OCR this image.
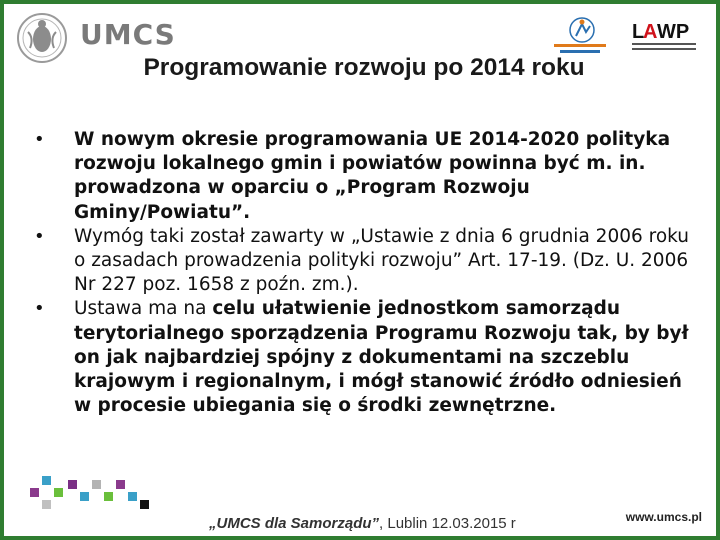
UMCS	L
A WP
Programowanie rozwoju po 2014 roku
•	W nowym okresie programowania UE 2014-2020 polityka rozwoju lokalnego gmin i powiatów powinna być m. in. prowadzona w oparciu o „Program Rozwoju Gminy/Powiatu”.
•	Wymóg taki został zawarty w „Ustawie z dnia 6 grudnia 2006 roku o zasadach prowadzenia polityki rozwoju” Art. 17-19. (Dz. U. 2006 Nr 227 poz. 1658 z poźn. zm.).
•	Ustawa ma na celu ułatwienie jednostkom samorządu terytorialnego sporządzenia Programu Rozwoju tak, by był on jak najbardziej spójny z dokumentami na szczeblu krajowym i regionalnym, i mógł stanowić źródło odniesień w procesie ubiegania się o środki zewnętrzne.
„UMCS dla Samorządu”, Lublin 12.03.2015 r	www.umcs.pl
